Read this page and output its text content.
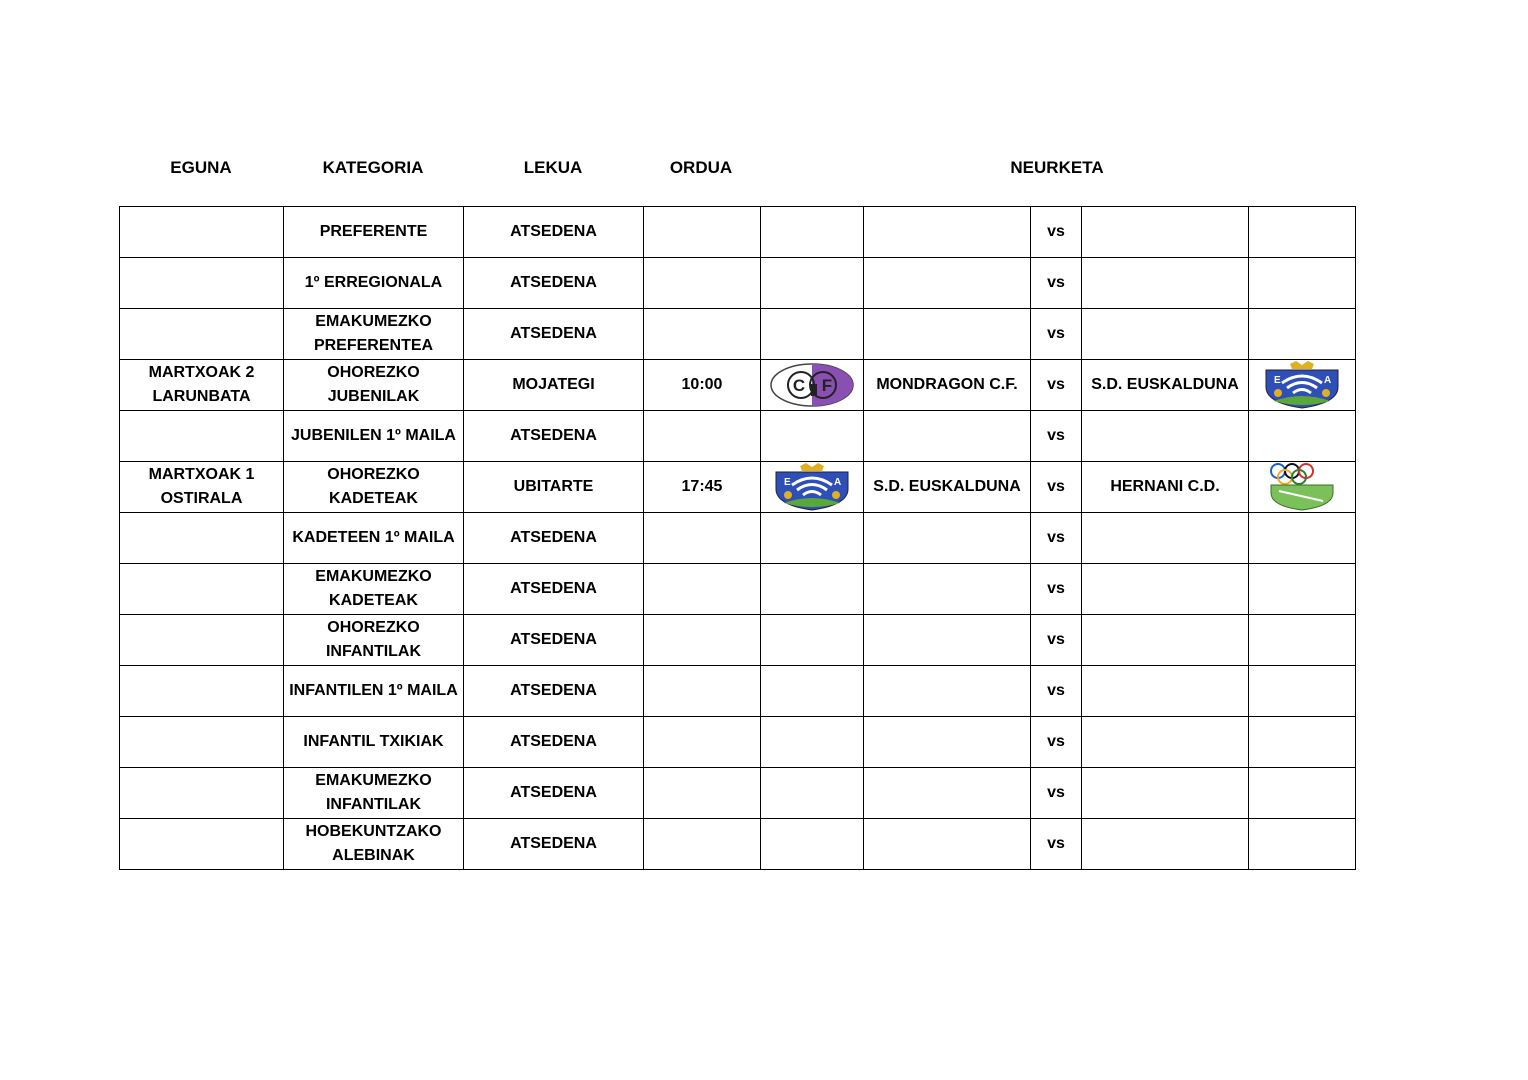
EGUNA	KATEGORIA	LEKUA	ORDUA	NEURKETA
	PREFERENTE	ATSEDENA				vs		
	1º ERREGIONALA	ATSEDENA				vs		
	EMAKUMEZKO PREFERENTEA	ATSEDENA				vs		
MARTXOAK 2 LARUNBATA	OHOREZKO JUBENILAK	MOJATEGI	10:00	C F	MONDRAGON C.F.	vs	S.D. EUSKALDUNA	E A

	JUBENILEN 1º MAILA	ATSEDENA				vs		
MARTXOAK 1 OSTIRALA	OHOREZKO KADETEAK	UBITARTE	17:45	E A	S.D. EUSKALDUNA	vs	HERNANI C.D.	

	KADETEEN 1º MAILA	ATSEDENA				vs		
	EMAKUMEZKO KADETEAK	ATSEDENA				vs		
	OHOREZKO INFANTILAK	ATSEDENA				vs		
	INFANTILEN 1º MAILA	ATSEDENA				vs		
	INFANTIL TXIKIAK	ATSEDENA				vs		
	EMAKUMEZKO INFANTILAK	ATSEDENA				vs		
	HOBEKUNTZAKO ALEBINAK	ATSEDENA				vs		
